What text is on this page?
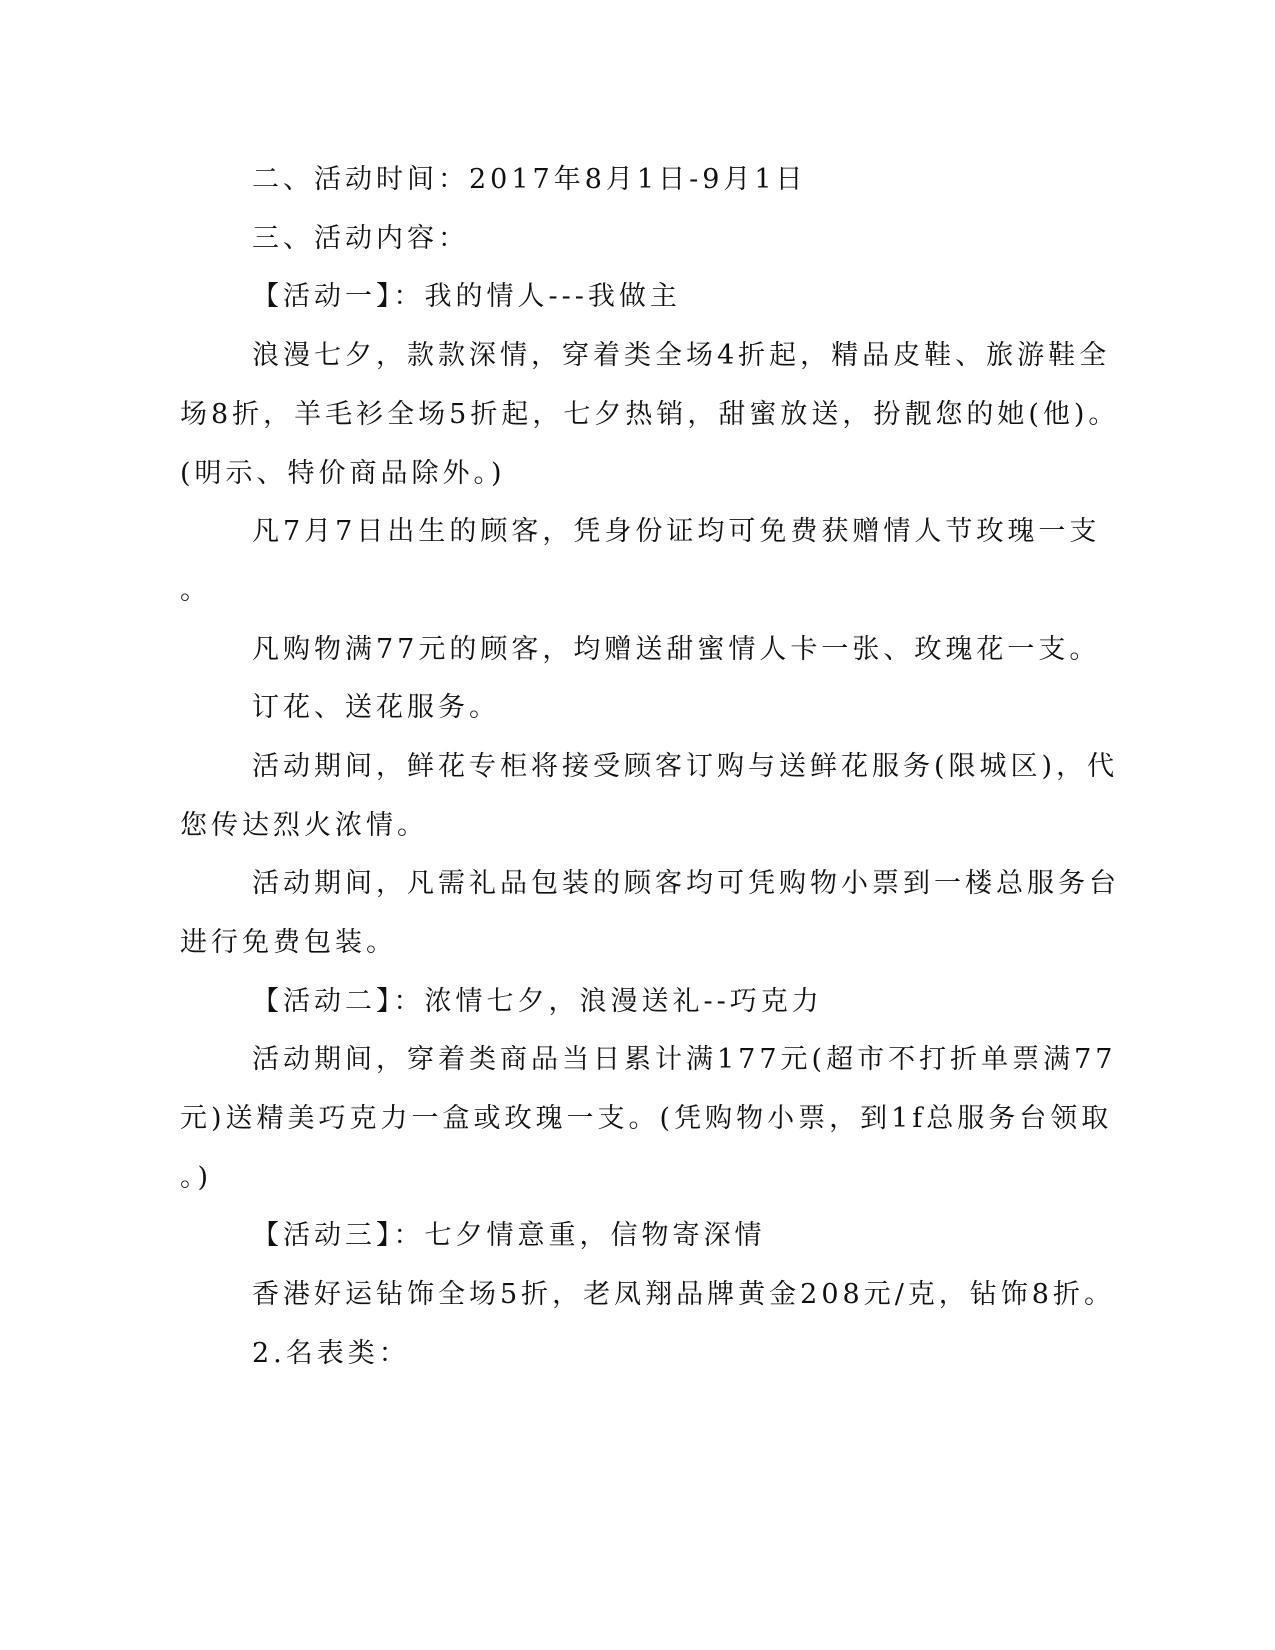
二、活动时间：2017年8月1日-9月1日
三、活动内容：
【活动一】：我的情人---我做主
浪漫七夕，款款深情，穿着类全场4折起，精品皮鞋、旅游鞋全
场8折，羊毛衫全场5折起，七夕热销，甜蜜放送，扮靓您的她(他)。
(明示、特价商品除外。)
凡7月7日出生的顾客，凭身份证均可免费获赠情人节玫瑰一支
。
凡购物满77元的顾客，均赠送甜蜜情人卡一张、玫瑰花一支。
订花、送花服务。
活动期间，鲜花专柜将接受顾客订购与送鲜花服务(限城区)，代
您传达烈火浓情。
活动期间，凡需礼品包装的顾客均可凭购物小票到一楼总服务台
进行免费包装。
【活动二】：浓情七夕，浪漫送礼--巧克力
活动期间，穿着类商品当日累计满177元(超市不打折单票满77
元)送精美巧克力一盒或玫瑰一支。(凭购物小票，到1f总服务台领取
。)
【活动三】：七夕情意重，信物寄深情
香港好运钻饰全场5折，老凤翔品牌黄金208元/克，钻饰8折。
2.名表类：
